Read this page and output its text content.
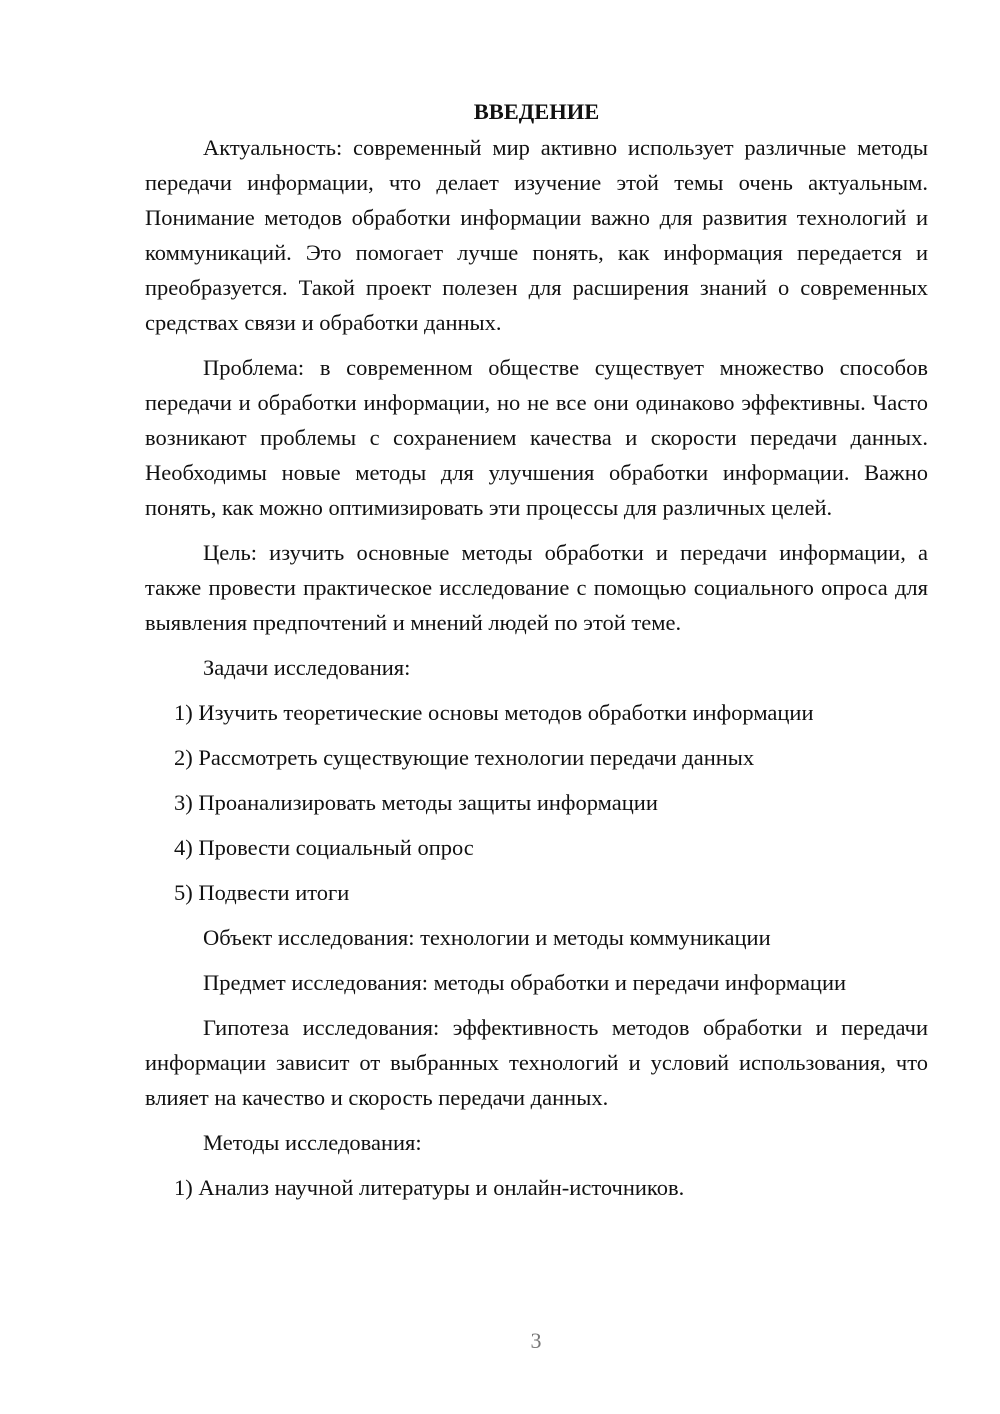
ВВЕДЕНИЕ
Актуальность: современный мир активно использует различные методы передачи информации, что делает изучение этой темы очень актуальным. Понимание методов обработки информации важно для развития технологий и коммуникаций. Это помогает лучше понять, как информация передается и преобразуется. Такой проект полезен для расширения знаний о современных средствах связи и обработки данных.
Проблема: в современном обществе существует множество способов передачи и обработки информации, но не все они одинаково эффективны. Часто возникают проблемы с сохранением качества и скорости передачи данных. Необходимы новые методы для улучшения обработки информации. Важно понять, как можно оптимизировать эти процессы для различных целей.
Цель: изучить основные методы обработки и передачи информации, а также провести практическое исследование с помощью социального опроса для выявления предпочтений и мнений людей по этой теме.
Задачи исследования:
1) Изучить теоретические основы методов обработки информации
2) Рассмотреть существующие технологии передачи данных
3) Проанализировать методы защиты информации
4) Провести социальный опрос
5) Подвести итоги
Объект исследования: технологии и методы коммуникации
Предмет исследования: методы обработки и передачи информации
Гипотеза исследования: эффективность методов обработки и передачи информации зависит от выбранных технологий и условий использования, что влияет на качество и скорость передачи данных.
Методы исследования:
1) Анализ научной литературы и онлайн-источников.
3
